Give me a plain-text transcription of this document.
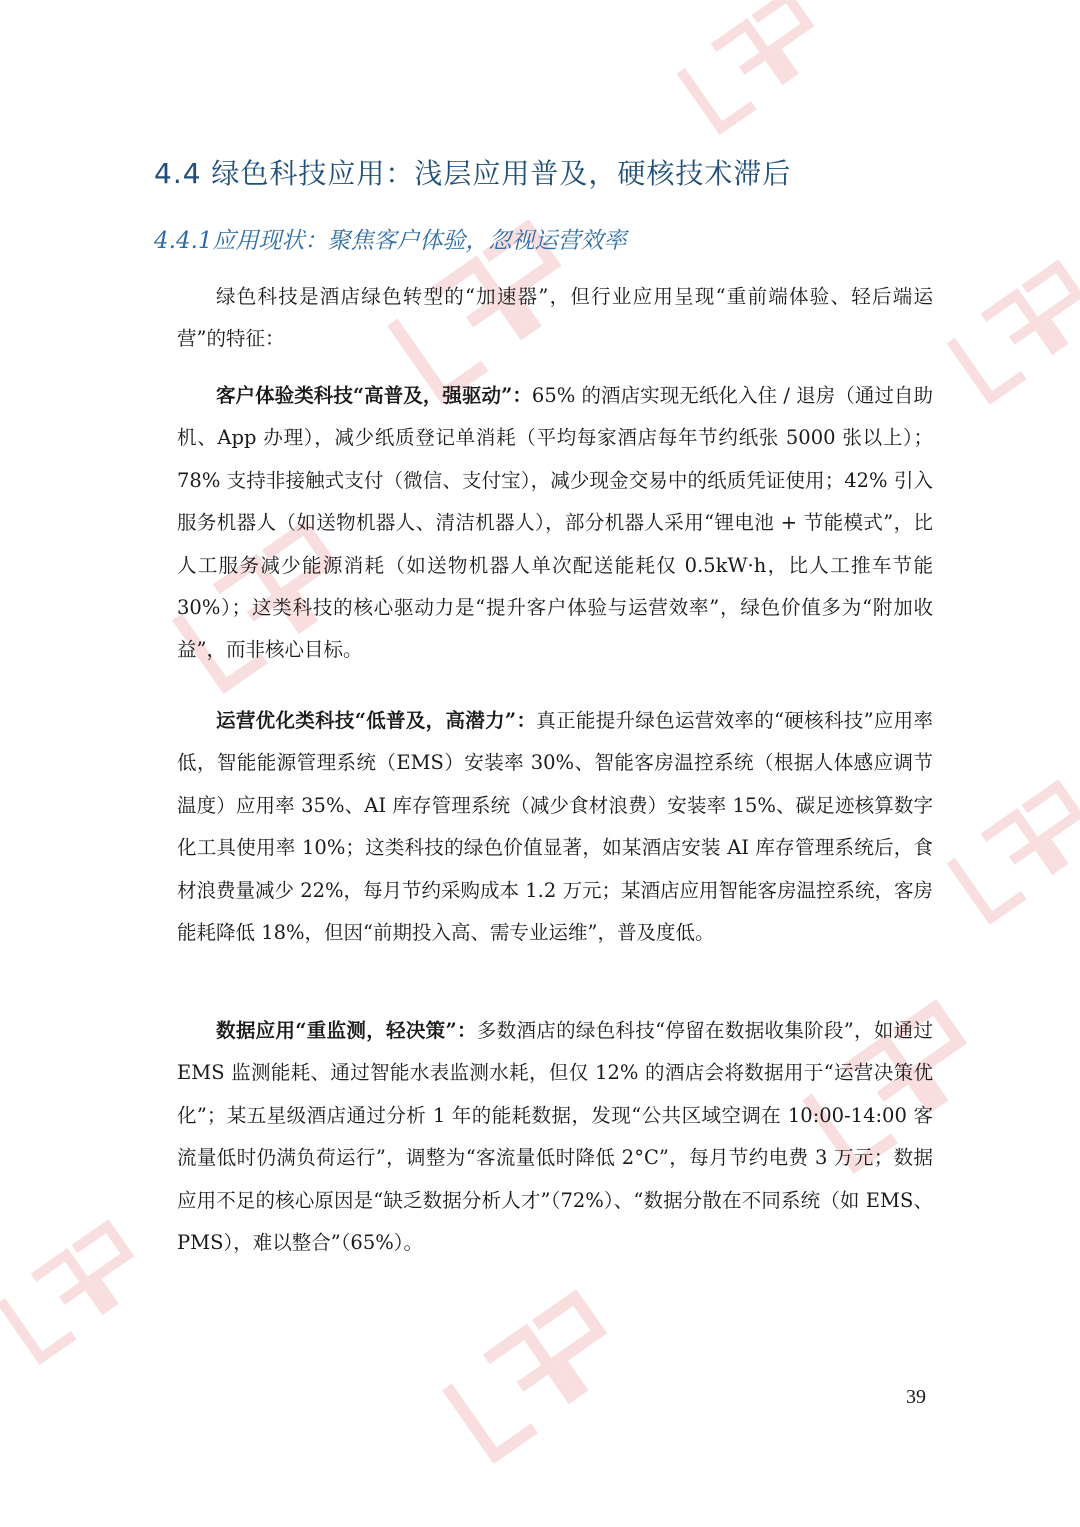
4.4 绿色科技应用：浅层应用普及，硬核技术滞后
4.4.1应用现状：聚焦客户体验，忽视运营效率
绿色科技是酒店绿色转型的“加速器”，但行业应用呈现“重前端体验、轻后端运营”的特征：
客户体验类科技“高普及，强驱动”：65% 的酒店实现无纸化入住 / 退房（通过自助机、App 办理），减少纸质登记单消耗（平均每家酒店每年节约纸张 5000 张以上）；78% 支持非接触式支付（微信、支付宝），减少现金交易中的纸质凭证使用；42% 引入服务机器人（如送物机器人、清洁机器人），部分机器人采用“锂电池 + 节能模式”，比人工服务减少能源消耗（如送物机器人单次配送能耗仅 0.5kW·h，比人工推车节能 30%）；这类科技的核心驱动力是“提升客户体验与运营效率”，绿色价值多为“附加收益”，而非核心目标。
运营优化类科技“低普及，高潜力”：真正能提升绿色运营效率的“硬核科技”应用率低，智能能源管理系统（EMS）安装率 30%、智能客房温控系统（根据人体感应调节温度）应用率 35%、AI 库存管理系统（减少食材浪费）安装率 15%、碳足迹核算数字化工具使用率 10%；这类科技的绿色价值显著，如某酒店安装 AI 库存管理系统后，食材浪费量减少 22%，每月节约采购成本 1.2 万元；某酒店应用智能客房温控系统，客房能耗降低 18%，但因“前期投入高、需专业运维”，普及度低。
数据应用“重监测，轻决策”：多数酒店的绿色科技“停留在数据收集阶段”，如通过 EMS 监测能耗、通过智能水表监测水耗，但仅 12% 的酒店会将数据用于“运营决策优化”；某五星级酒店通过分析 1 年的能耗数据，发现“公共区域空调在 10:00-14:00 客流量低时仍满负荷运行”，调整为“客流量低时降低 2°C”，每月节约电费 3 万元；数据应用不足的核心原因是“缺乏数据分析人才”（72%）、“数据分散在不同系统（如 EMS、PMS），难以整合”（65%）。
39
